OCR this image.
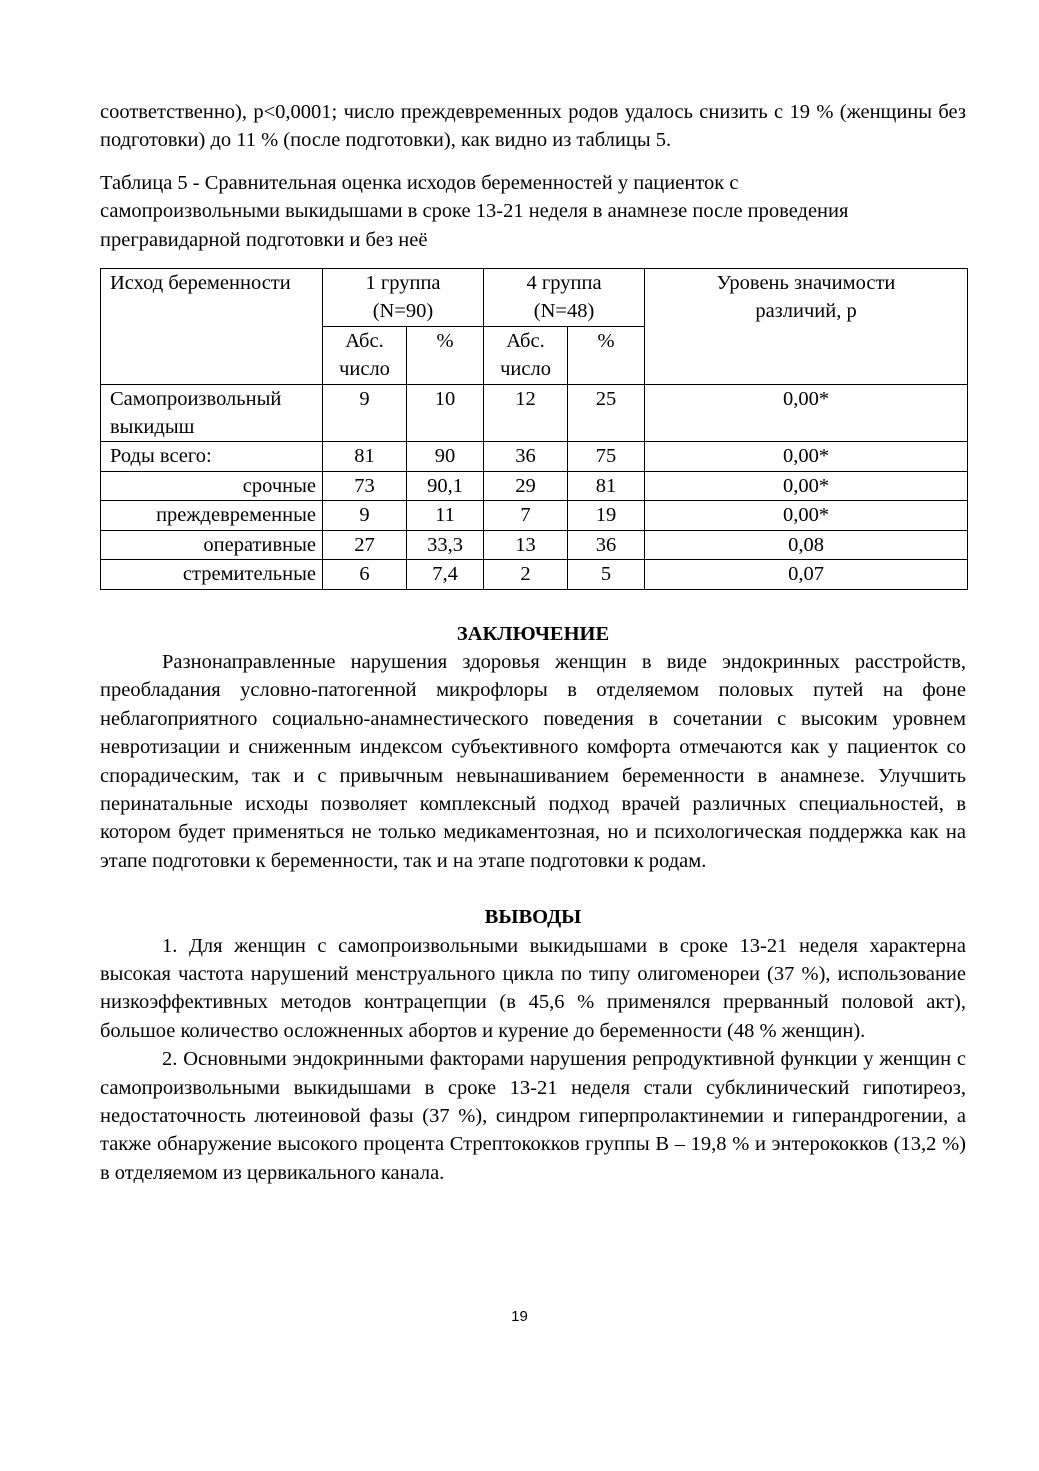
соответственно), p<0,0001; число преждевременных родов удалось снизить с 19 % (женщины без подготовки) до 11 % (после подготовки), как видно из таблицы 5.

Таблица 5 - Сравнительная оценка исходов беременностей у пациенток с самопроизвольными выкидышами в сроке 13-21 неделя в анамнезе после проведения прегравидарной подготовки и без неё

Исход беременности	1 группа (N=90)		4 группа (N=48)		Уровень значимости различий, р
	Абс. число	%	Абс. число	%	
Самопроизвольный выкидыш	9	10	12	25	0,00*
Роды всего:	81	90	36	75	0,00*
срочные	73	90,1	29	81	0,00*
преждевременные	9	11	7	19	0,00*
оперативные	27	33,3	13	36	0,08
стремительные	6	7,4	2	5	0,07
ЗАКЛЮЧЕНИЕ

Разнонаправленные нарушения здоровья женщин в виде эндокринных расстройств, преобладания условно-патогенной микрофлоры в отделяемом половых путей на фоне неблагоприятного социально-анамнестического поведения в сочетании с высоким уровнем невротизации и сниженным индексом субъективного комфорта отмечаются как у пациенток со спорадическим, так и с привычным невынашиванием беременности в анамнезе. Улучшить перинатальные исходы позволяет комплексный подход врачей различных специальностей, в котором будет применяться не только медикаментозная, но и психологическая поддержка как на этапе подготовки к беременности, так и на этапе подготовки к родам.

ВЫВОДЫ

1. Для женщин с самопроизвольными выкидышами в сроке 13-21 неделя характерна высокая частота нарушений менструального цикла по типу олигоменореи (37 %), использование низкоэффективных методов контрацепции (в 45,6 % применялся прерванный половой акт), большое количество осложненных абортов и курение до беременности (48 % женщин).

2. Основными эндокринными факторами нарушения репродуктивной функции у женщин с самопроизвольными выкидышами в сроке 13-21 неделя стали субклинический гипотиреоз, недостаточность лютеиновой фазы (37 %), синдром гиперпролактинемии и гиперандрогении, а также обнаружение высокого процента Стрептококков группы В – 19,8 % и энтерококков (13,2 %) в отделяемом из цервикального канала.

19
